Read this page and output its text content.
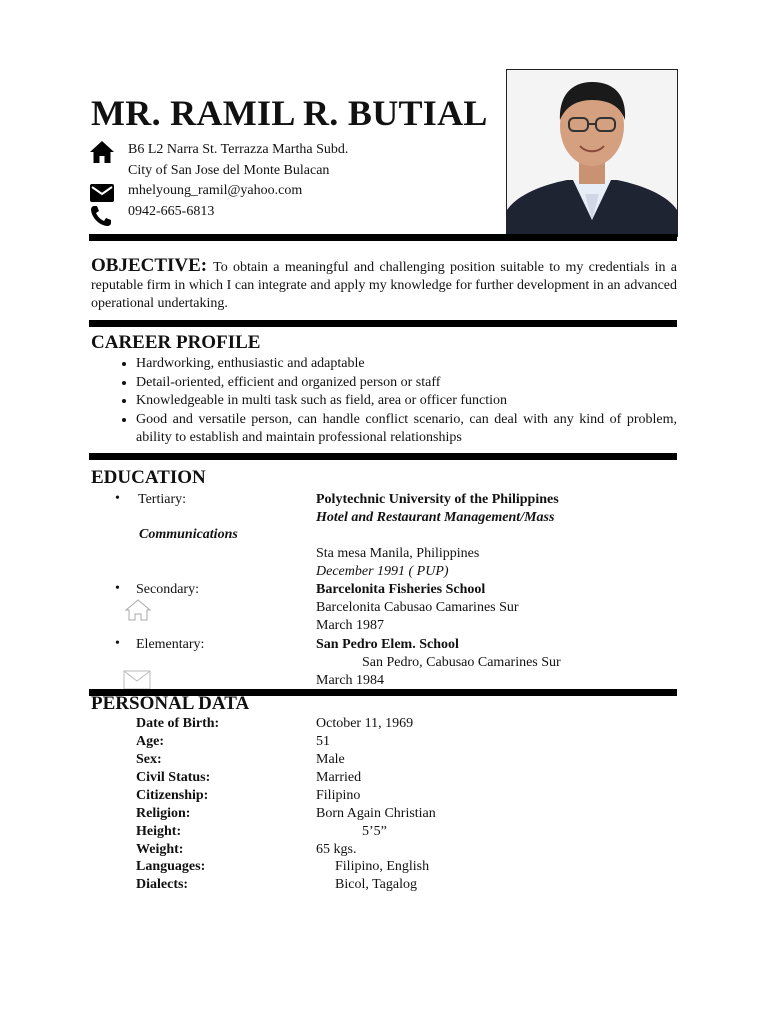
MR. RAMIL R. BUTIAL
B6 L2 Narra St. Terrazza Martha Subd.
City of San Jose del Monte Bulacan
mhelyoung_ramil@yahoo.com
0942-665-6813
OBJECTIVE: To obtain a meaningful and challenging position suitable to my credentials in a reputable firm in which I can integrate and apply my knowledge for further development in an advanced operational undertaking.
CAREER PROFILE
• Hardworking, enthusiastic and adaptable
• Detail-oriented, efficient and organized person or staff
• Knowledgeable in multi task such as field, area or officer function
• Good and versatile person, can handle conflict scenario, can deal with any kind of problem, ability to establish and maintain professional relationships
EDUCATION
• Tertiary:	Polytechnic University of the Philippines
Hotel and Restaurant Management/Mass
Communications
Sta mesa Manila, Philippines
December 1991 ( PUP)
• Secondary:	Barcelonita Fisheries School
Barcelonita Cabusao Camarines Sur
March 1987
• Elementary:	San Pedro Elem. School
San Pedro, Cabusao Camarines Sur
March 1984
PERSONAL DATA
Date of Birth:	October 11, 1969
Age:	51
Sex:	Male
Civil Status:	Married
Citizenship:	Filipino
Religion:	Born Again Christian
Height:	5’5”
Weight:	65 kgs.
Languages:	Filipino, English
Dialects:	Bicol, Tagalog
